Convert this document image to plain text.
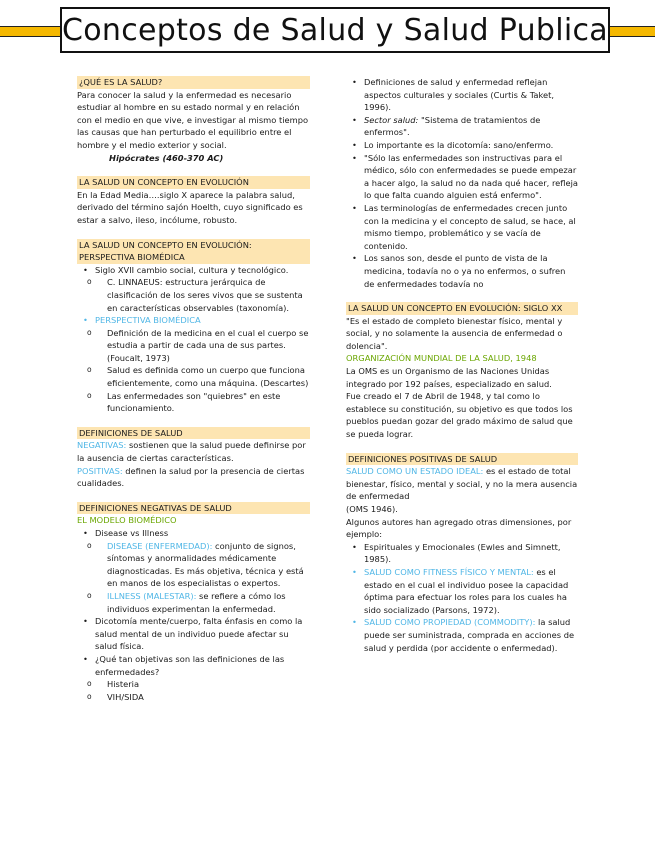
Conceptos de Salud y Salud Publica
¿QUÉ ES LA SALUD?

Para conocer la salud y la enfermedad es necesario estudiar al hombre en su estado normal y en relación con el medio en que vive, e investigar al mismo tiempo las causas que han perturbado el equilibrio entre el hombre y el medio exterior y social.

Hipócrates (460-370 AC)

LA SALUD UN CONCEPTO EN EVOLUCIÓN

En la Edad Media….siglo X aparece la palabra salud, derivado del término sajón Hoelth, cuyo significado es estar a salvo, ileso, incólume, robusto.

LA SALUD UN CONCEPTO EN EVOLUCIÓN: PERSPECTIVA BIOMÉDICA
• Siglo XVII cambio social, cultura y tecnológico.
o C. LINNAEUS: estructura jerárquica de clasificación de los seres vivos que se sustenta en características observables (taxonomía).
• PERSPECTIVA BIOMÉDICA
o Definición de la medicina en el cual el cuerpo se estudia a partir de cada una de sus partes. (Foucalt, 1973)
o Salud es definida como un cuerpo que funciona eficientemente, como una máquina. (Descartes)
o Las enfermedades son "quiebres" en este funcionamiento.
DEFINICIONES DE SALUD

NEGATIVAS: sostienen que la salud puede definirse por la ausencia de ciertas características.

POSITIVAS: definen la salud por la presencia de ciertas cualidades.

DEFINICIONES NEGATIVAS DE SALUD

EL MODELO BIOMÉDICO

• Disease vs Illness
o DISEASE (ENFERMEDAD): conjunto de signos, síntomas y anormalidades médicamente diagnosticadas. Es más objetiva, técnica y está en manos de los especialistas o expertos.
o ILLNESS (MALESTAR): se refiere a cómo los individuos experimentan la enfermedad.
• Dicotomía mente/cuerpo, falta énfasis en como la salud mental de un individuo puede afectar su salud física.
• ¿Qué tan objetivas son las definiciones de las enfermedades?
o Histeria
o VIH/SIDA
• Definiciones de salud y enfermedad reflejan aspectos culturales y sociales (Curtis & Taket, 1996).
• Sector salud: "Sistema de tratamientos de enfermos".
• Lo importante es la dicotomía: sano/enfermo.
• "Sólo las enfermedades son instructivas para el médico, sólo con enfermedades se puede empezar a hacer algo, la salud no da nada qué hacer, refleja lo que falta cuando alguien está enfermo".
• Las terminologías de enfermedades crecen junto con la medicina y el concepto de salud, se hace, al mismo tiempo, problemático y se vacía de contenido.
• Los sanos son, desde el punto de vista de la medicina, todavía no o ya no enfermos, o sufren de enfermedades todavía no
LA SALUD UN CONCEPTO EN EVOLUCIÓN: SIGLO XX

"Es el estado de completo bienestar físico, mental y social, y no solamente la ausencia de enfermedad o dolencia".

ORGANIZACIÓN MUNDIAL DE LA SALUD, 1948

La OMS es un Organismo de las Naciones Unidas integrado por 192 países, especializado en salud.

Fue creado el 7 de Abril de 1948, y tal como lo establece su constitución, su objetivo es que todos los pueblos puedan gozar del grado máximo de salud que se pueda lograr.

DEFINICIONES POSITIVAS DE SALUD

SALUD COMO UN ESTADO IDEAL: es el estado de total bienestar, físico, mental y social, y no la mera ausencia de enfermedad

(OMS 1946).

Algunos autores han agregado otras dimensiones, por ejemplo:

• Espirituales y Emocionales (Ewles and Simnett, 1985).
• SALUD COMO FITNESS FÍSICO Y MENTAL: es el estado en el cual el individuo posee la capacidad óptima para efectuar los roles para los cuales ha sido socializado (Parsons, 1972).
• SALUD COMO PROPIEDAD (COMMODITY): la salud puede ser suministrada, comprada en acciones de salud y perdida (por accidente o enfermedad).
